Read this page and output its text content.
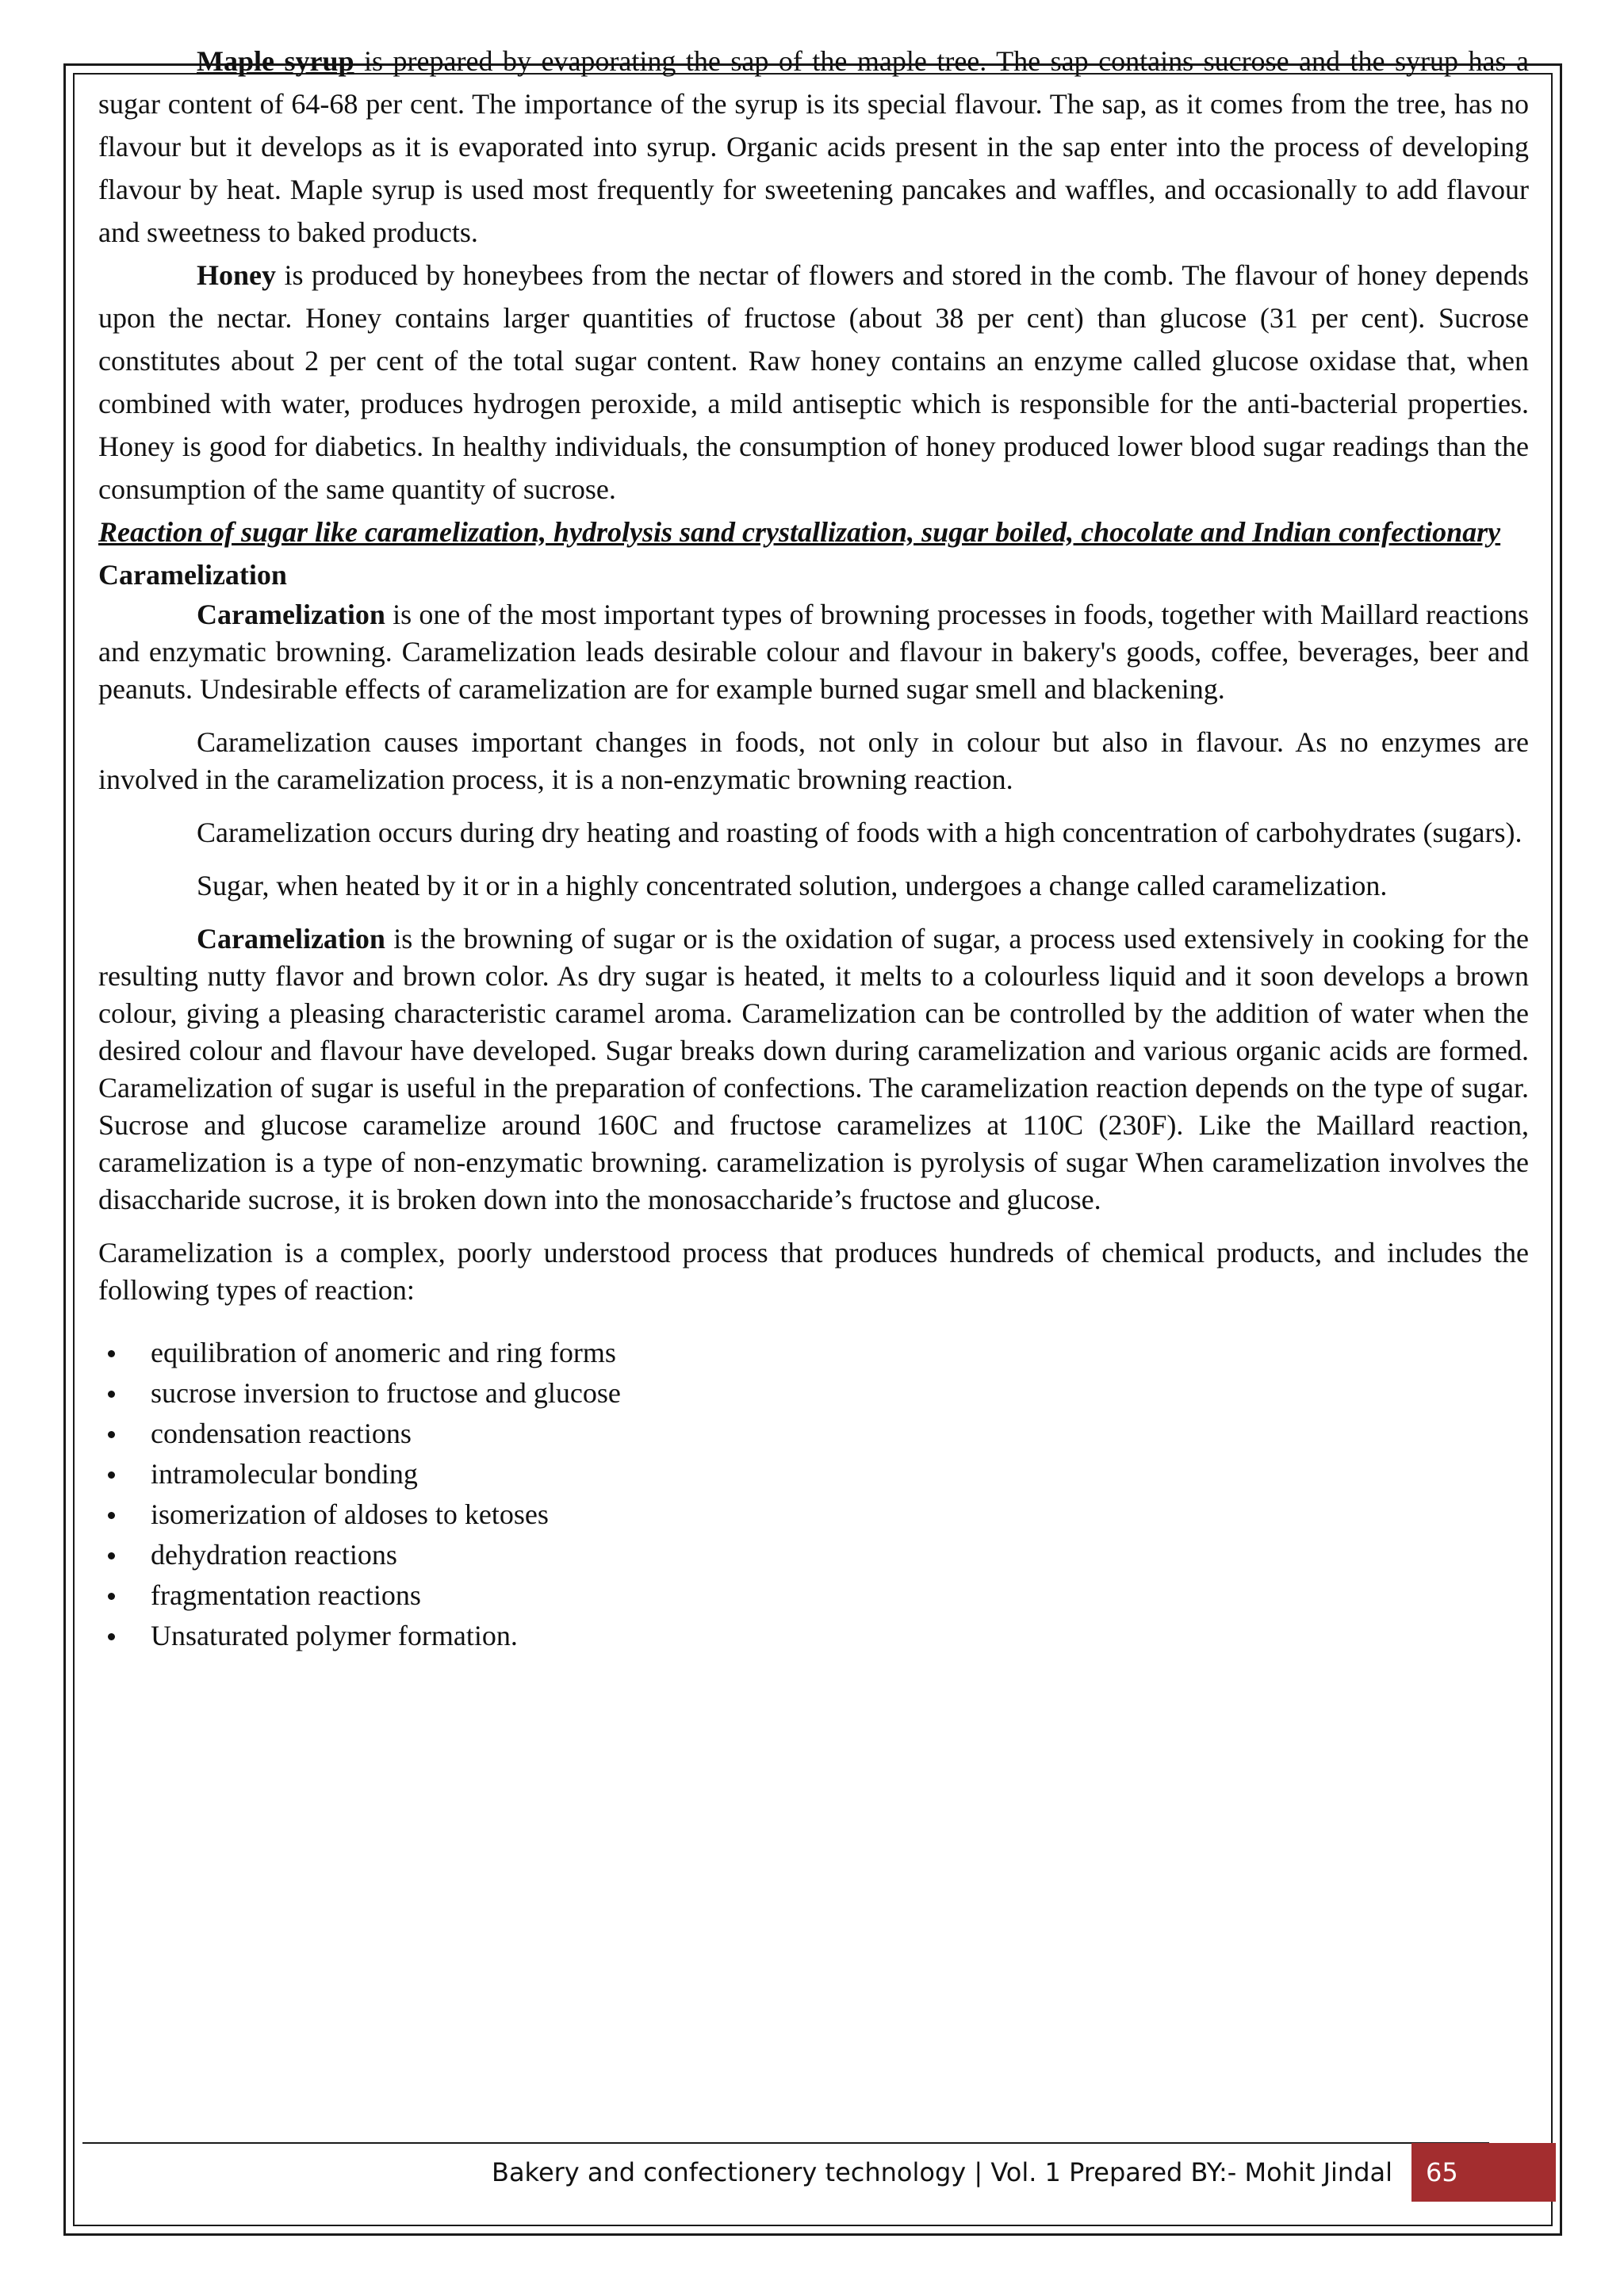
Maple syrup is prepared by evaporating the sap of the maple tree. The sap contains sucrose and the syrup has a sugar content of 64-68 per cent. The importance of the syrup is its special flavour. The sap, as it comes from the tree, has no flavour but it develops as it is evaporated into syrup. Organic acids present in the sap enter into the process of developing flavour by heat. Maple syrup is used most frequently for sweetening pancakes and waffles, and occasionally to add flavour and sweetness to baked products.

Honey is produced by honeybees from the nectar of flowers and stored in the comb. The flavour of honey depends upon the nectar. Honey contains larger quantities of fructose (about 38 per cent) than glucose (31 per cent). Sucrose constitutes about 2 per cent of the total sugar content. Raw honey contains an enzyme called glucose oxidase that, when combined with water, produces hydrogen peroxide, a mild antiseptic which is responsible for the anti-bacterial properties. Honey is good for diabetics. In healthy individuals, the consumption of honey produced lower blood sugar readings than the consumption of the same quantity of sucrose.

Reaction of sugar like caramelization, hydrolysis sand crystallization, sugar boiled, chocolate and Indian confectionary

Caramelization

Caramelization is one of the most important types of browning processes in foods, together with Maillard reactions and enzymatic browning. Caramelization leads desirable colour and flavour in bakery's goods, coffee, beverages, beer and peanuts. Undesirable effects of caramelization are for example burned sugar smell and blackening.

Caramelization causes important changes in foods, not only in colour but also in flavour. As no enzymes are involved in the caramelization process, it is a non-enzymatic browning reaction.

Caramelization occurs during dry heating and roasting of foods with a high concentration of carbohydrates (sugars).

Sugar, when heated by it or in a highly concentrated solution, undergoes a change called caramelization.

Caramelization is the browning of sugar or is the oxidation of sugar, a process used extensively in cooking for the resulting nutty flavor and brown color. As dry sugar is heated, it melts to a colourless liquid and it soon develops a brown colour, giving a pleasing characteristic caramel aroma. Caramelization can be controlled by the addition of water when the desired colour and flavour have developed. Sugar breaks down during caramelization and various organic acids are formed. Caramelization of sugar is useful in the preparation of confections. The caramelization reaction depends on the type of sugar. Sucrose and glucose caramelize around 160C and fructose caramelizes at 110C (230F). Like the Maillard reaction, caramelization is a type of non-enzymatic browning. caramelization is pyrolysis of sugar When caramelization involves the disaccharide sucrose, it is broken down into the monosaccharide’s fructose and glucose.

Caramelization is a complex, poorly understood process that produces hundreds of chemical products, and includes the following types of reaction:

equilibration of anomeric and ring forms
sucrose inversion to fructose and glucose
condensation reactions
intramolecular bonding
isomerization of aldoses to ketoses
dehydration reactions
fragmentation reactions
Unsaturated polymer formation.
Bakery and confectionery technology | Vol. 1 Prepared BY:- Mohit Jindal	65
